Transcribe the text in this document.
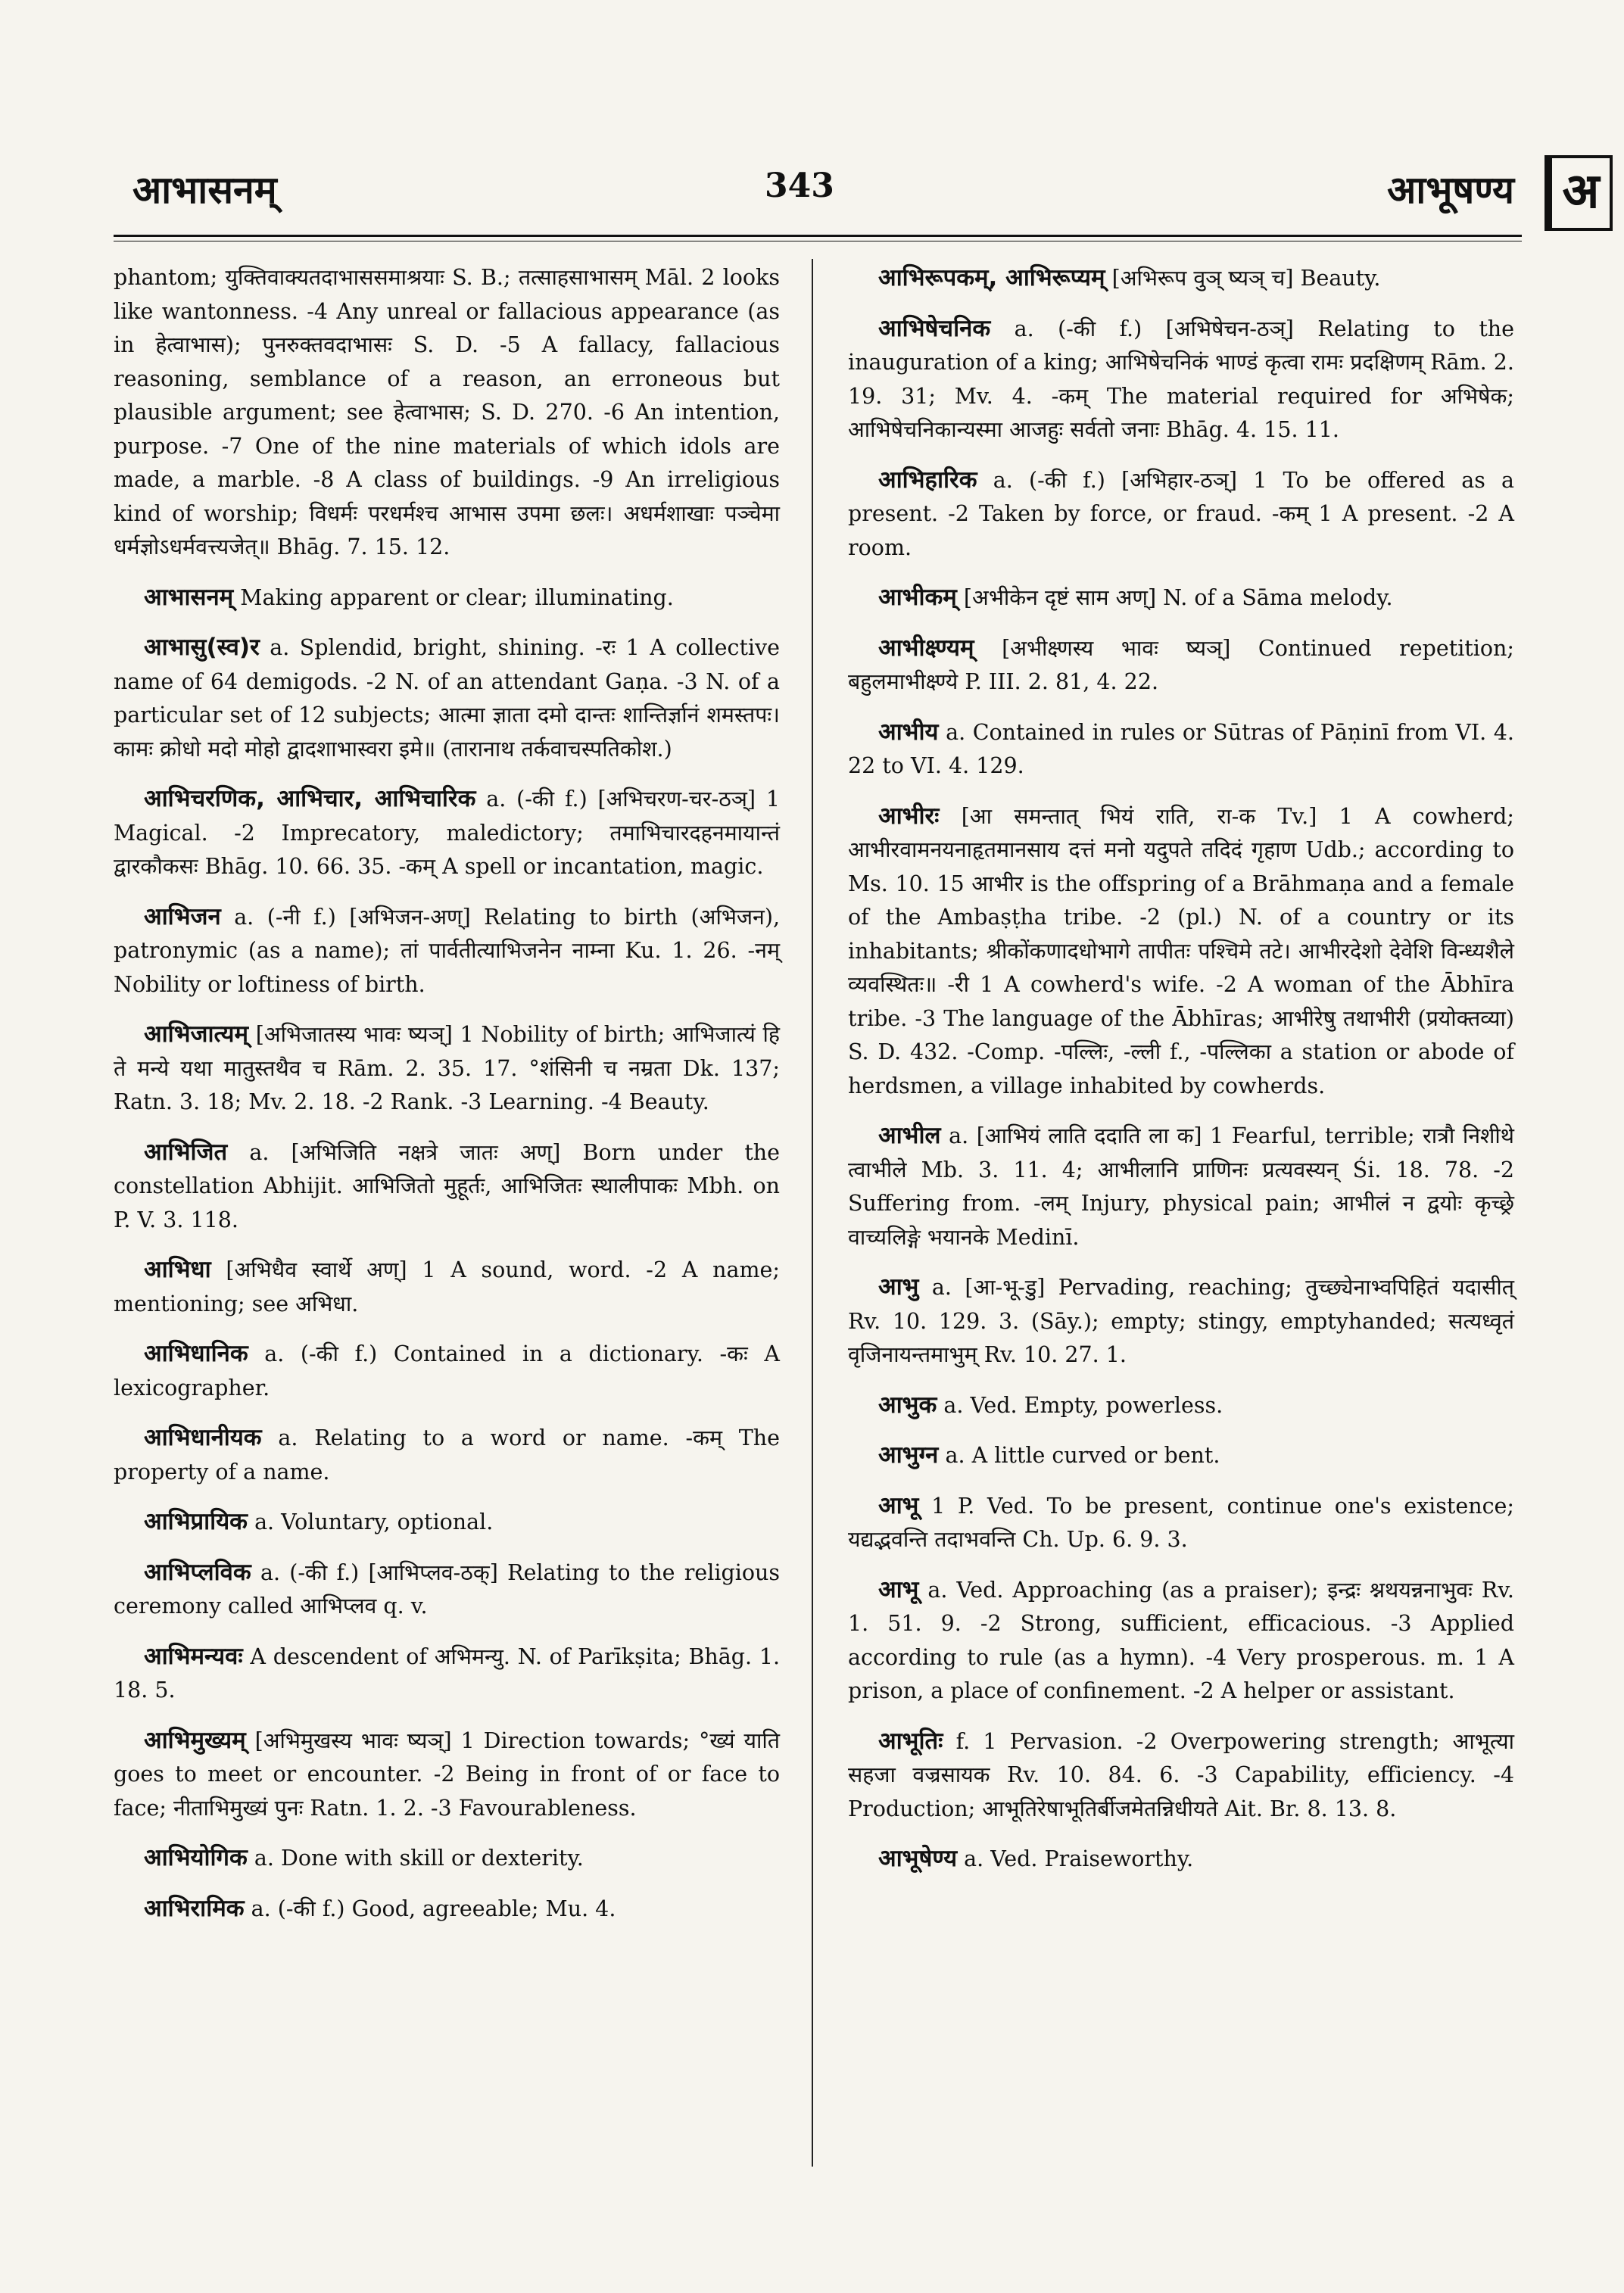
आभासनम्	343	आभूषण्य अ

phantom; युक्तिवाक्यतदाभाससमाश्रयाः S. B.; तत्साहसाभासम् Māl. 2 looks like wantonness. -4 Any unreal or fallacious appearance (as in हेत्वाभास); पुनरुक्तवदाभासः S. D. -5 A fallacy, fallacious reasoning, semblance of a reason, an erroneous but plausible argument; see हेत्वाभास; S. D. 270. -6 An intention, purpose. -7 One of the nine materials of which idols are made, a marble. -8 A class of buildings. -9 An irreligious kind of worship; विधर्मः परधर्मश्च आभास उपमा छलः। अधर्मशाखाः पञ्चेमा धर्मज्ञोऽधर्मवत्त्यजेत्॥ Bhāg. 7. 15. 12.

आभासनम् Making apparent or clear; illuminating.

आभासु(स्व)र a. Splendid, bright, shining. -रः 1 A collective name of 64 demigods. -2 N. of an attendant Gaṇa. -3 N. of a particular set of 12 subjects; आत्मा ज्ञाता दमो दान्तः शान्तिर्ज्ञानं शमस्तपः। कामः क्रोधो मदो मोहो द्वादशाभास्वरा इमे॥ (तारानाथ तर्कवाचस्पतिकोश.)

आभिचरणिक, आभिचार, आभिचारिक a. (-की f.) [अभिचरण-चर-ठञ्] 1 Magical. -2 Imprecatory, maledictory; तमाभिचारदहनमायान्तं द्वारकौकसः Bhāg. 10. 66. 35. -कम् A spell or incantation, magic.

आभिजन a. (-नी f.) [अभिजन-अण्] Relating to birth (अभिजन), patronymic (as a name); तां पार्वतीत्याभिजनेन नाम्ना Ku. 1. 26. -नम् Nobility or loftiness of birth.

आभिजात्यम् [अभिजातस्य भावः ष्यञ्] 1 Nobility of birth; आभिजात्यं हि ते मन्ये यथा मातुस्तथैव च Rām. 2. 35. 17. °शंसिनी च नम्रता Dk. 137; Ratn. 3. 18; Mv. 2. 18. -2 Rank. -3 Learning. -4 Beauty.

आभिजित a. [अभिजिति नक्षत्रे जातः अण्] Born under the constellation Abhijit. आभिजितो मुहूर्तः, आभिजितः स्थालीपाकः Mbh. on P. V. 3. 118.

आभिधा [अभिधैव स्वार्थे अण्] 1 A sound, word. -2 A name; mentioning; see अभिधा.

आभिधानिक a. (-की f.) Contained in a dictionary. -कः A lexicographer.

आभिधानीयक a. Relating to a word or name. -कम् The property of a name.

आभिप्रायिक a. Voluntary, optional.

आभिप्लविक a. (-की f.) [आभिप्लव-ठक्] Relating to the religious ceremony called आभिप्लव q. v.

आभिमन्यवः A descendent of अभिमन्यु. N. of Parīkṣita; Bhāg. 1. 18. 5.

आभिमुख्यम् [अभिमुखस्य भावः ष्यञ्] 1 Direction towards; °ख्यं याति goes to meet or encounter. -2 Being in front of or face to face; नीताभिमुख्यं पुनः Ratn. 1. 2. -3 Favourableness.

आभियोगिक a. Done with skill or dexterity.

आभिरामिक a. (-की f.) Good, agreeable; Mu. 4.

आभिरूपकम्, आभिरूप्यम् [अभिरूप वुञ् ष्यञ् च] Beauty.

आभिषेचनिक a. (-की f.) [अभिषेचन-ठञ्] Relating to the inauguration of a king; आभिषेचनिकं भाण्डं कृत्वा रामः प्रदक्षिणम् Rām. 2. 19. 31; Mv. 4. -कम् The material required for अभिषेक; आभिषेचनिकान्यस्मा आजहुः सर्वतो जनाः Bhāg. 4. 15. 11.

आभिहारिक a. (-की f.) [अभिहार-ठञ्] 1 To be offered as a present. -2 Taken by force, or fraud. -कम् 1 A present. -2 A room.

आभीकम् [अभीकेन दृष्टं साम अण्] N. of a Sāma melody.

आभीक्ष्ण्यम् [अभीक्ष्णस्य भावः ष्यञ्] Continued repetition; बहुलमाभीक्ष्ण्ये P. III. 2. 81, 4. 22.

आभीय a. Contained in rules or Sūtras of Pāṇinī from VI. 4. 22 to VI. 4. 129.

आभीरः [आ समन्तात् भियं राति, रा-क Tv.] 1 A cowherd; आभीरवामनयनाहृतमानसाय दत्तं मनो यदुपते तदिदं गृहाण Udb.; according to Ms. 10. 15 आभीर is the offspring of a Brāhmaṇa and a female of the Ambaṣṭha tribe. -2 (pl.) N. of a country or its inhabitants; श्रीकोंकणादधोभागे तापीतः पश्चिमे तटे। आभीरदेशो देवेशि विन्ध्यशैले व्यवस्थितः॥ -री 1 A cowherd's wife. -2 A woman of the Ābhīra tribe. -3 The language of the Ābhīras; आभीरेषु तथाभीरी (प्रयोक्तव्या) S. D. 432. -Comp. -पल्लिः, -ल्ली f., -पल्लिका a station or abode of herdsmen, a village inhabited by cowherds.

आभील a. [आभियं लाति ददाति ला क] 1 Fearful, terrible; रात्रौ निशीथे त्वाभीले Mb. 3. 11. 4; आभीलानि प्राणिनः प्रत्यवस्यन् Śi. 18. 78. -2 Suffering from. -लम् Injury, physical pain; आभीलं न द्वयोः कृच्छ्रे वाच्यलिङ्गे भयानके Medinī.

आभु a. [आ-भू-डु] Pervading, reaching; तुच्छ्येनाभ्वपिहितं यदासीत् Rv. 10. 129. 3. (Sāy.); empty; stingy, emptyhanded; सत्यध्वृतं वृजिनायन्तमाभुम् Rv. 10. 27. 1.

आभुक a. Ved. Empty, powerless.

आभुग्न a. A little curved or bent.

आभू 1 P. Ved. To be present, continue one's existence; यद्यद्भवन्ति तदाभवन्ति Ch. Up. 6. 9. 3.

आभू a. Ved. Approaching (as a praiser); इन्द्रः श्नथयन्ननाभुवः Rv. 1. 51. 9. -2 Strong, sufficient, efficacious. -3 Applied according to rule (as a hymn). -4 Very prosperous. m. 1 A prison, a place of confinement. -2 A helper or assistant.

आभूतिः f. 1 Pervasion. -2 Overpowering strength; आभूत्या सहजा वज्रसायक Rv. 10. 84. 6. -3 Capability, efficiency. -4 Production; आभूतिरेषाभूतिर्बीजमेतन्निधीयते Ait. Br. 8. 13. 8.

आभूषेण्य a. Ved. Praiseworthy.
